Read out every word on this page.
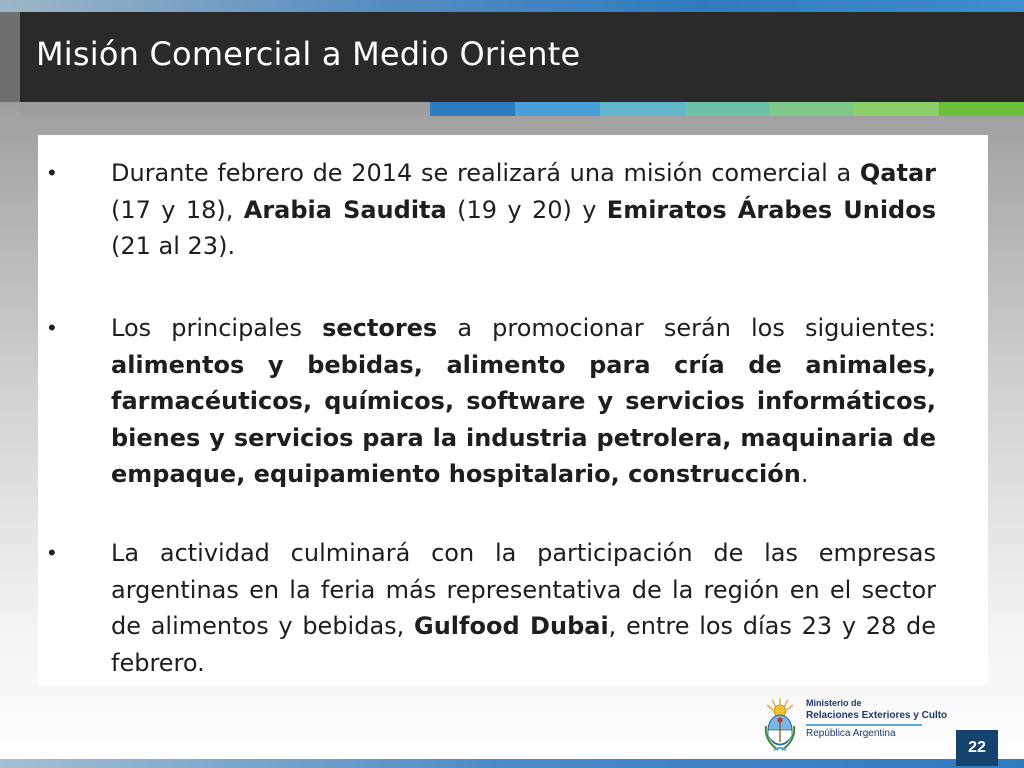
Misión Comercial a Medio Oriente
• Durante febrero de 2014 se realizará una misión comercial a Qatar (17 y 18), Arabia Saudita (19 y 20) y Emiratos Árabes Unidos (21 al 23).
• Los principales sectores a promocionar serán los siguientes: alimentos y bebidas, alimento para cría de animales, farmacéuticos, químicos, software y servicios informáticos, bienes y servicios para la industria petrolera, maquinaria de empaque, equipamiento hospitalario, construcción.
• La actividad culminará con la participación de las empresas argentinas en la feria más representativa de la región en el sector de alimentos y bebidas, Gulfood Dubai, entre los días 23 y 28 de febrero.
Ministerio de
Relaciones Exteriores y Culto
República Argentina
22
